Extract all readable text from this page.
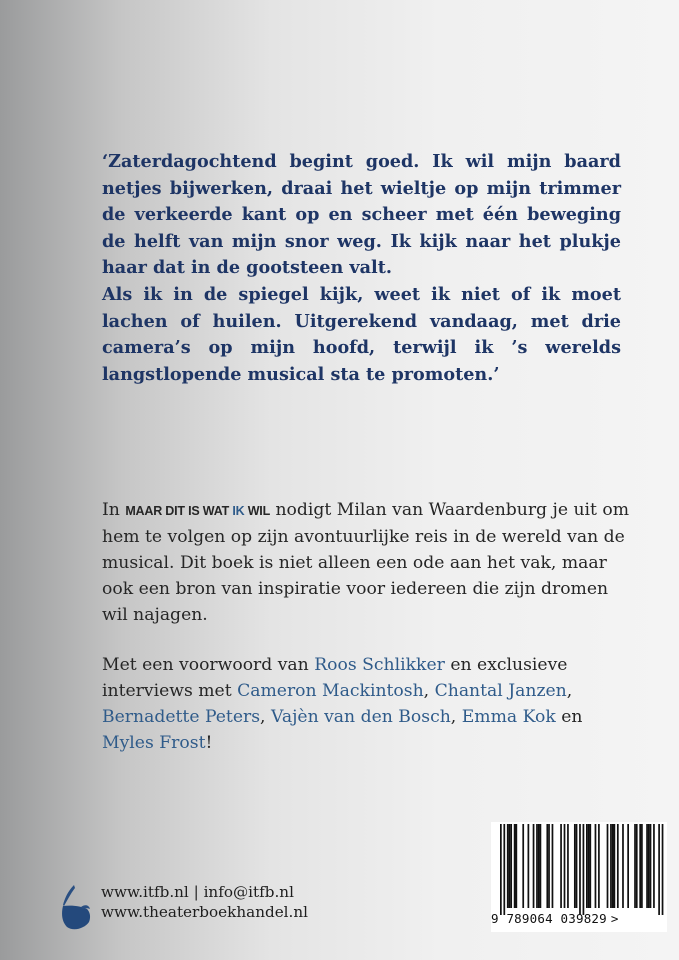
‘Zaterdagochtend begint goed. Ik wil mijn baard netjes bijwerken, draai het wieltje op mijn trimmer de verkeerde kant op en scheer met één beweging de helft van mijn snor weg. Ik kijk naar het plukje haar dat in de gootsteen valt.

Als ik in de spiegel kijk, weet ik niet of ik moet lachen of huilen. Uitgerekend vandaag, met drie camera’s op mijn hoofd, terwijl ik ’s werelds langstlopende musical sta te promoten.’

In MAAR DIT IS WAT IK WIL nodigt Milan van Waardenburg je uit om hem te volgen op zijn avontuurlijke reis in de wereld van de musical. Dit boek is niet alleen een ode aan het vak, maar ook een bron van inspiratie voor iedereen die zijn dromen wil najagen.

Met een voorwoord van Roos Schlikker en exclusieve interviews met Cameron Mackintosh, Chantal Janzen, Bernadette Peters, Vajèn van den Bosch, Emma Kok en Myles Frost!

www.itfb.nl | info@itfb.nl
www.theaterboekhandel.nl	9 789064 039829 >
